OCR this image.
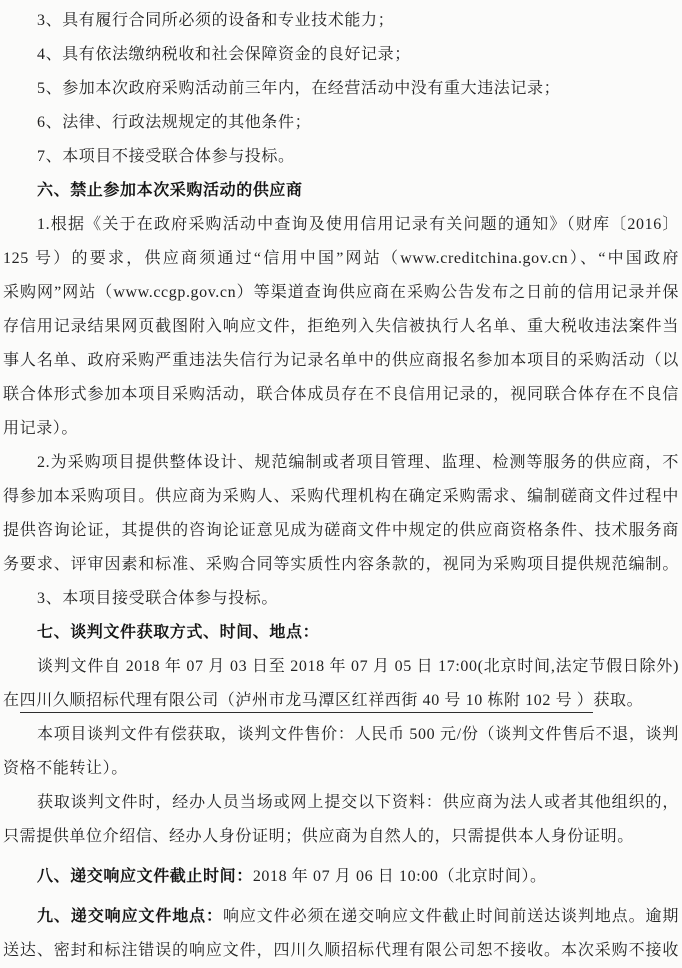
3、具有履行合同所必须的设备和专业技术能力；
4、具有依法缴纳税收和社会保障资金的良好记录；
5、参加本次政府采购活动前三年内，在经营活动中没有重大违法记录；
6、法律、行政法规规定的其他条件；
7、本项目不接受联合体参与投标。
六、禁止参加本次采购活动的供应商
1.根据《关于在政府采购活动中查询及使用信用记录有关问题的通知》（财库〔2016〕
125 号）的要求，供应商须通过“信用中国”网站（www.creditchina.gov.cn）、“中国政府
采购网”网站（www.ccgp.gov.cn）等渠道查询供应商在采购公告发布之日前的信用记录并保
存信用记录结果网页截图附入响应文件，拒绝列入失信被执行人名单、重大税收违法案件当
事人名单、政府采购严重违法失信行为记录名单中的供应商报名参加本项目的采购活动（以
联合体形式参加本项目采购活动，联合体成员存在不良信用记录的，视同联合体存在不良信
用记录）。
2.为采购项目提供整体设计、规范编制或者项目管理、监理、检测等服务的供应商，不
得参加本采购项目。供应商为采购人、采购代理机构在确定采购需求、编制磋商文件过程中
提供咨询论证，其提供的咨询论证意见成为磋商文件中规定的供应商资格条件、技术服务商
务要求、评审因素和标准、采购合同等实质性内容条款的，视同为采购项目提供规范编制。
3、本项目接受联合体参与投标。
七、谈判文件获取方式、时间、地点：
谈判文件自 2018 年 07 月 03 日至 2018 年 07 月 05 日 17:00(北京时间,法定节假日除外)
在四川久顺招标代理有限公司（泸州市龙马潭区红祥西街 40 号 10 栋附 102 号 ）获取。
本项目谈判文件有偿获取，谈判文件售价：人民币 500 元/份（谈判文件售后不退，谈判
资格不能转让）。
获取谈判文件时，经办人员当场或网上提交以下资料：供应商为法人或者其他组织的，
只需提供单位介绍信、经办人身份证明；供应商为自然人的，只需提供本人身份证明。
八、递交响应文件截止时间：2018 年 07 月 06 日 10:00（北京时间）。
九、递交响应文件地点：响应文件必须在递交响应文件截止时间前送达谈判地点。逾期
送达、密封和标注错误的响应文件，四川久顺招标代理有限公司恕不接收。本次采购不接收
